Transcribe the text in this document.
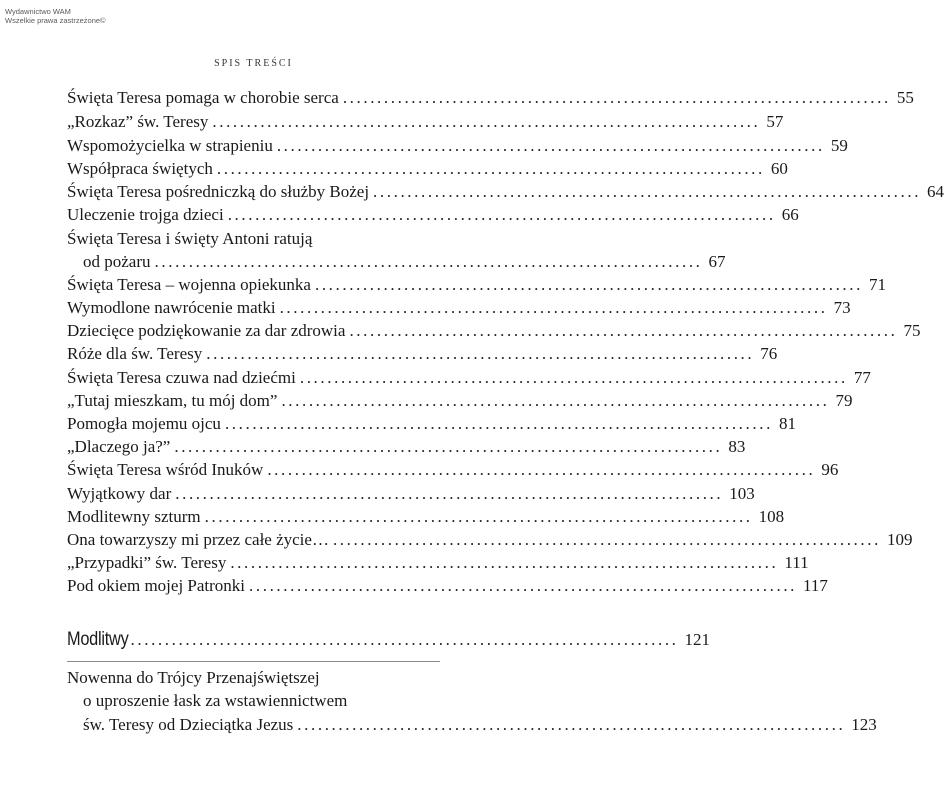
Wydawnictwo WAM
Wszelkie prawa zastrzeżone©
SPIS TREŚCI
Święta Teresa pomaga w chorobie serca ................................................................................ 55
„Rozkaz” św. Teresy ................................................................................ 57
Wspomożycielka w strapieniu ................................................................................ 59
Współpraca świętych ................................................................................ 60
Święta Teresa pośredniczką do służby Bożej ................................................................................ 64
Uleczenie trojga dzieci ................................................................................ 66
Święta Teresa i święty Antoni ratują
od pożaru ................................................................................ 67
Święta Teresa – wojenna opiekunka ................................................................................ 71
Wymodlone nawrócenie matki ................................................................................ 73
Dziecięce podziękowanie za dar zdrowia ................................................................................ 75
Róże dla św. Teresy ................................................................................ 76
Święta Teresa czuwa nad dziećmi ................................................................................ 77
„Tutaj mieszkam, tu mój dom” ................................................................................ 79
Pomogła mojemu ojcu ................................................................................ 81
„Dlaczego ja?” ................................................................................ 83
Święta Teresa wśród Inuków ................................................................................ 96
Wyjątkowy dar ................................................................................ 103
Modlitewny szturm ................................................................................ 108
Ona towarzyszy mi przez całe życie… ................................................................................ 109
„Przypadki” św. Teresy ................................................................................ 111
Pod okiem mojej Patronki ................................................................................ 117
Modlitwy ................................................................................ 121
Nowenna do Trójcy Przenajświętszej
o uproszenie łask za wstawiennictwem
św. Teresy od Dzieciątka Jezus ................................................................................ 123
